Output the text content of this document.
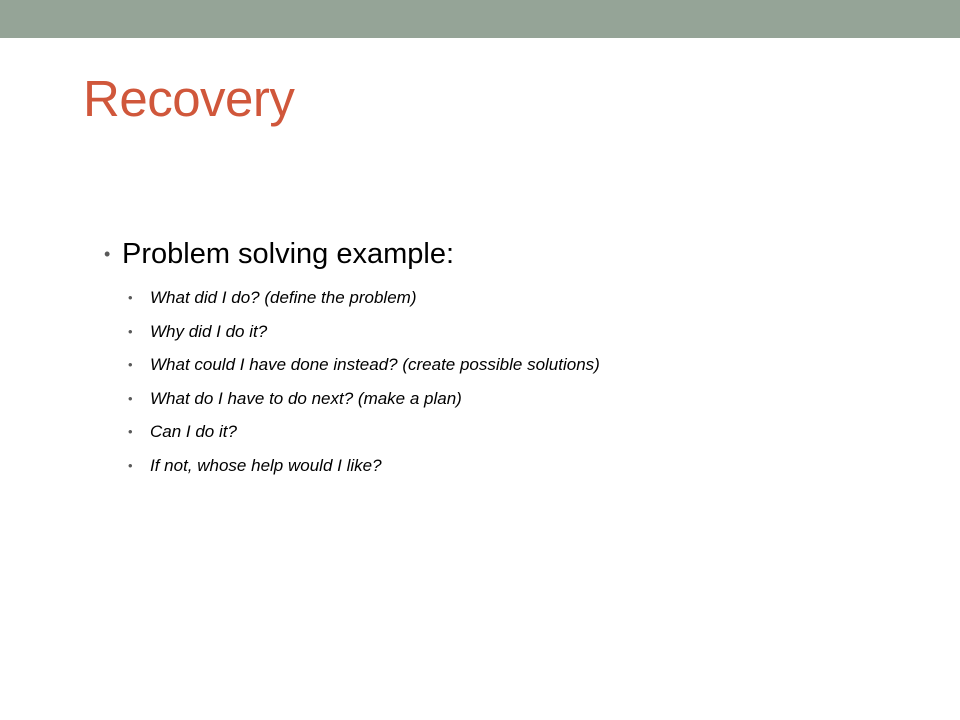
Recovery
• Problem solving example:
•	What did I do? (define the problem)
•	Why did I do it?
•	What could I have done instead? (create possible solutions)
•	What do I have to do next? (make a plan)
•	Can I do it?
•	If not, whose help would I like?
